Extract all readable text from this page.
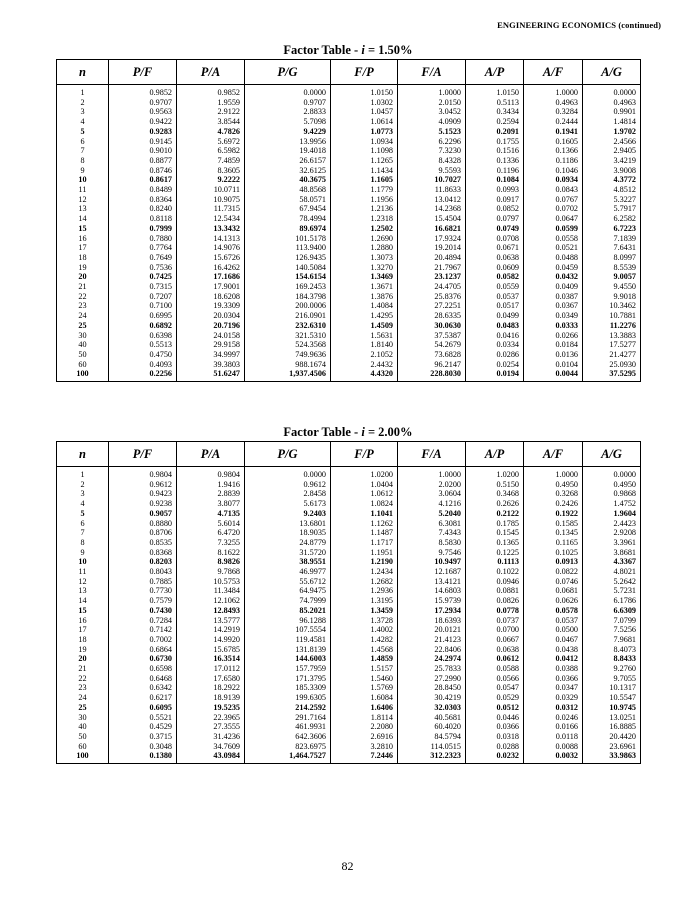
ENGINEERING ECONOMICS (continued)
Factor Table - i = 1.50%
n	P/F	P/A	P/G	F/P	F/A	A/P	A/F	A/G
1	0.9852	0.9852	0.0000	1.0150	1.0000	1.0150	1.0000	0.0000
2	0.9707	1.9559	0.9707	1.0302	2.0150	0.5113	0.4963	0.4963
3	0.9563	2.9122	2.8833	1.0457	3.0452	0.3434	0.3284	0.9901
4	0.9422	3.8544	5.7098	1.0614	4.0909	0.2594	0.2444	1.4814
5	0.9283	4.7826	9.4229	1.0773	5.1523	0.2091	0.1941	1.9702
6	0.9145	5.6972	13.9956	1.0934	6.2296	0.1755	0.1605	2.4566
7	0.9010	6.5982	19.4018	1.1098	7.3230	0.1516	0.1366	2.9405
8	0.8877	7.4859	26.6157	1.1265	8.4328	0.1336	0.1186	3.4219
9	0.8746	8.3605	32.6125	1.1434	9.5593	0.1196	0.1046	3.9008
10	0.8617	9.2222	40.3675	1.1605	10.7027	0.1084	0.0934	4.3772
11	0.8489	10.0711	48.8568	1.1779	11.8633	0.0993	0.0843	4.8512
12	0.8364	10.9075	58.0571	1.1956	13.0412	0.0917	0.0767	5.3227
13	0.8240	11.7315	67.9454	1.2136	14.2368	0.0852	0.0702	5.7917
14	0.8118	12.5434	78.4994	1.2318	15.4504	0.0797	0.0647	6.2582
15	0.7999	13.3432	89.6974	1.2502	16.6821	0.0749	0.0599	6.7223
16	0.7880	14.1313	101.5178	1.2690	17.9324	0.0708	0.0558	7.1839
17	0.7764	14.9076	113.9400	1.2880	19.2014	0.0671	0.0521	7.6431
18	0.7649	15.6726	126.9435	1.3073	20.4894	0.0638	0.0488	8.0997
19	0.7536	16.4262	140.5084	1.3270	21.7967	0.0609	0.0459	8.5539
20	0.7425	17.1686	154.6154	1.3469	23.1237	0.0582	0.0432	9.0057
21	0.7315	17.9001	169.2453	1.3671	24.4705	0.0559	0.0409	9.4550
22	0.7207	18.6208	184.3798	1.3876	25.8376	0.0537	0.0387	9.9018
23	0.7100	19.3309	200.0006	1.4084	27.2251	0.0517	0.0367	10.3462
24	0.6995	20.0304	216.0901	1.4295	28.6335	0.0499	0.0349	10.7881
25	0.6892	20.7196	232.6310	1.4509	30.0630	0.0483	0.0333	11.2276
30	0.6398	24.0158	321.5310	1.5631	37.5387	0.0416	0.0266	13.3883
40	0.5513	29.9158	524.3568	1.8140	54.2679	0.0334	0.0184	17.5277
50	0.4750	34.9997	749.9636	2.1052	73.6828	0.0286	0.0136	21.4277
60	0.4093	39.3803	988.1674	2.4432	96.2147	0.0254	0.0104	25.0930
100	0.2256	51.6247	1,937.4506	4.4320	228.8030	0.0194	0.0044	37.5295
Factor Table - i = 2.00%
n	P/F	P/A	P/G	F/P	F/A	A/P	A/F	A/G
1	0.9804	0.9804	0.0000	1.0200	1.0000	1.0200	1.0000	0.0000
2	0.9612	1.9416	0.9612	1.0404	2.0200	0.5150	0.4950	0.4950
3	0.9423	2.8839	2.8458	1.0612	3.0604	0.3468	0.3268	0.9868
4	0.9238	3.8077	5.6173	1.0824	4.1216	0.2626	0.2426	1.4752
5	0.9057	4.7135	9.2403	1.1041	5.2040	0.2122	0.1922	1.9604
6	0.8880	5.6014	13.6801	1.1262	6.3081	0.1785	0.1585	2.4423
7	0.8706	6.4720	18.9035	1.1487	7.4343	0.1545	0.1345	2.9208
8	0.8535	7.3255	24.8779	1.1717	8.5830	0.1365	0.1165	3.3961
9	0.8368	8.1622	31.5720	1.1951	9.7546	0.1225	0.1025	3.8681
10	0.8203	8.9826	38.9551	1.2190	10.9497	0.1113	0.0913	4.3367
11	0.8043	9.7868	46.9977	1.2434	12.1687	0.1022	0.0822	4.8021
12	0.7885	10.5753	55.6712	1.2682	13.4121	0.0946	0.0746	5.2642
13	0.7730	11.3484	64.9475	1.2936	14.6803	0.0881	0.0681	5.7231
14	0.7579	12.1062	74.7999	1.3195	15.9739	0.0826	0.0626	6.1786
15	0.7430	12.8493	85.2021	1.3459	17.2934	0.0778	0.0578	6.6309
16	0.7284	13.5777	96.1288	1.3728	18.6393	0.0737	0.0537	7.0799
17	0.7142	14.2919	107.5554	1.4002	20.0121	0.0700	0.0500	7.5256
18	0.7002	14.9920	119.4581	1.4282	21.4123	0.0667	0.0467	7.9681
19	0.6864	15.6785	131.8139	1.4568	22.8406	0.0638	0.0438	8.4073
20	0.6730	16.3514	144.6003	1.4859	24.2974	0.0612	0.0412	8.8433
21	0.6598	17.0112	157.7959	1.5157	25.7833	0.0588	0.0388	9.2760
22	0.6468	17.6580	171.3795	1.5460	27.2990	0.0566	0.0366	9.7055
23	0.6342	18.2922	185.3309	1.5769	28.8450	0.0547	0.0347	10.1317
24	0.6217	18.9139	199.6305	1.6084	30.4219	0.0529	0.0329	10.5547
25	0.6095	19.5235	214.2592	1.6406	32.0303	0.0512	0.0312	10.9745
30	0.5521	22.3965	291.7164	1.8114	40.5681	0.0446	0.0246	13.0251
40	0.4529	27.3555	461.9931	2.2080	60.4020	0.0366	0.0166	16.8885
50	0.3715	31.4236	642.3606	2.6916	84.5794	0.0318	0.0118	20.4420
60	0.3048	34.7609	823.6975	3.2810	114.0515	0.0288	0.0088	23.6961
100	0.1380	43.0984	1,464.7527	7.2446	312.2323	0.0232	0.0032	33.9863
82
